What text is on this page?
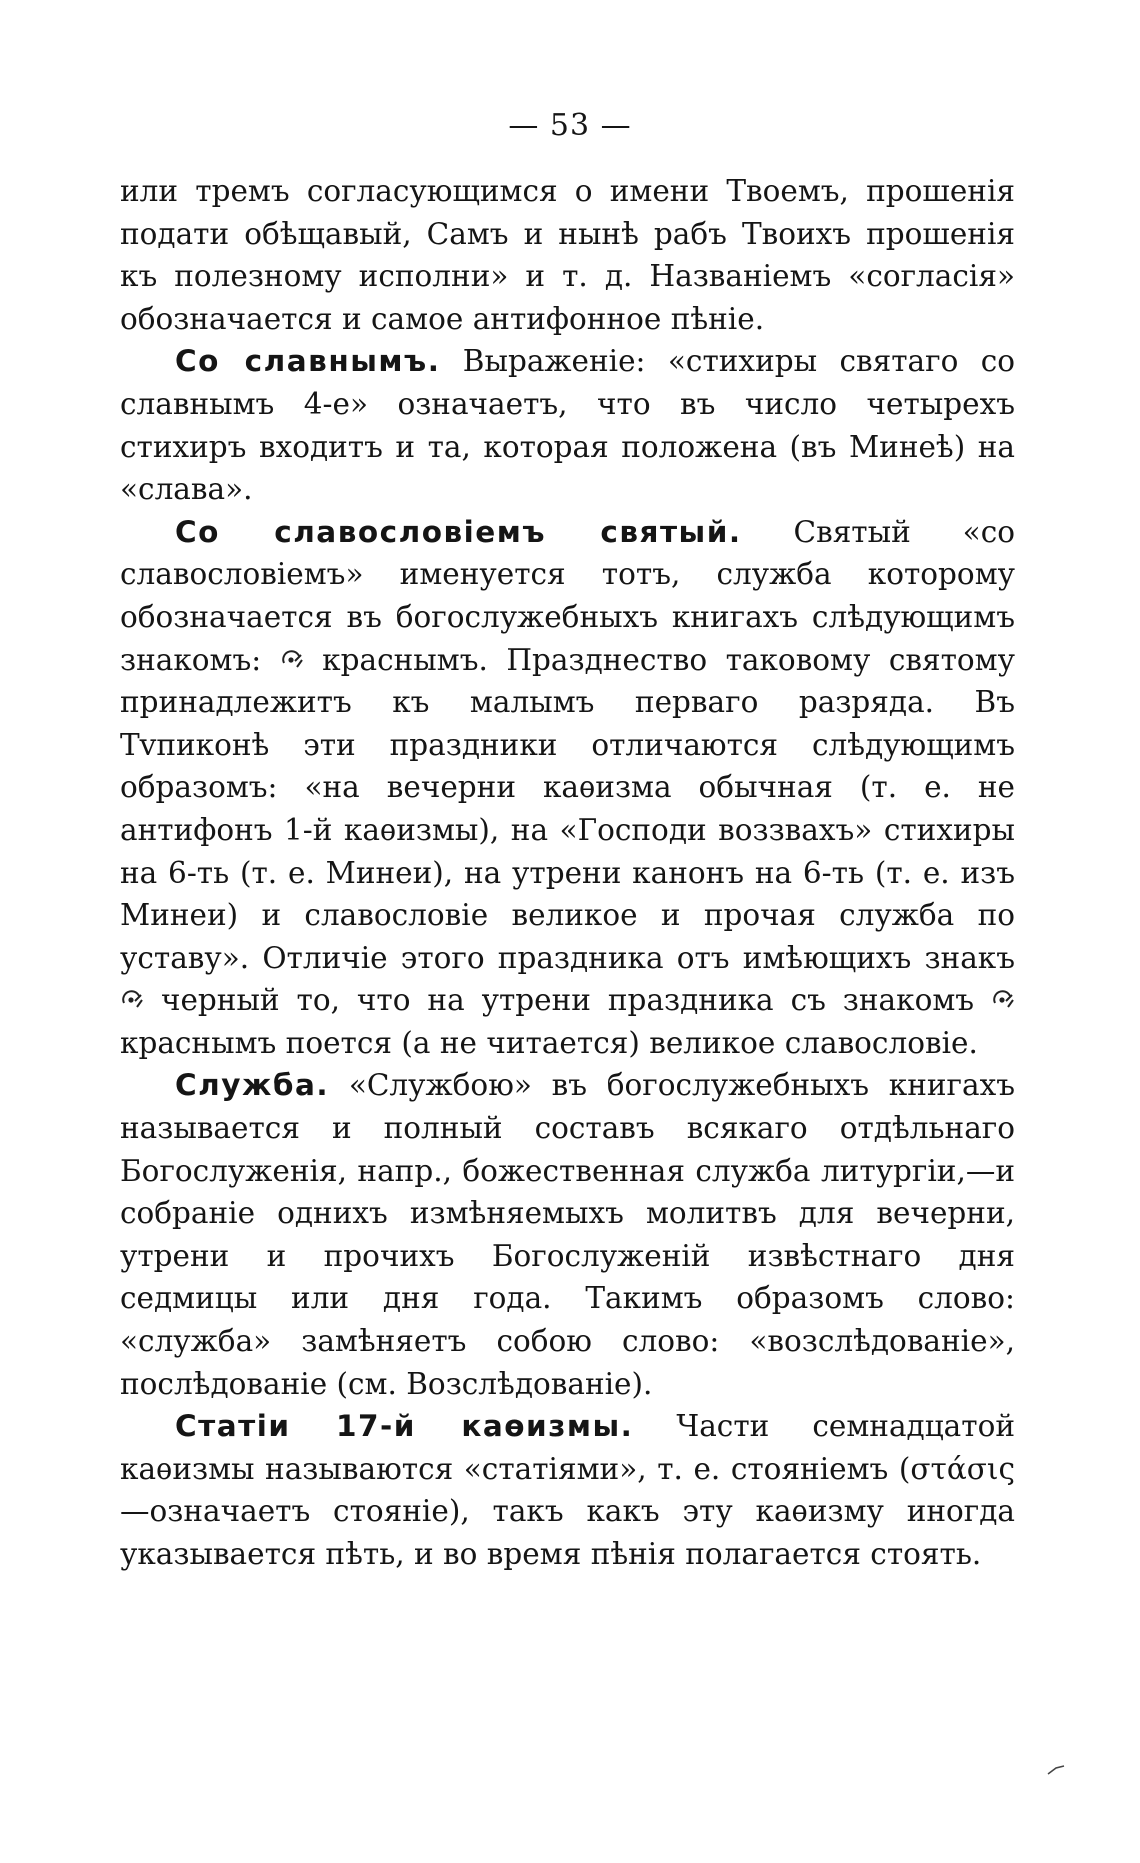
— 53 —

или тремъ согласующимся о имени Твоемъ, прошенія подати обѣщавый, Самъ и нынѣ рабъ Твоихъ прошенія къ полезному исполни» и т. д. Названіемъ «согласія» обозначается и самое антифонное пѣніе.

Со славнымъ. Выраженіе: «стихиры святаго со славнымъ 4-е» означаетъ, что въ число четырехъ стихиръ входитъ и та, которая положена (въ Минеѣ) на «слава».

Со славословіемъ святый. Святый «со славословіемъ» именуется тотъ, служба которому обозначается въ богослужебныхъ книгахъ слѣдующимъ знакомъ: краснымъ. Празднество таковому святому принадлежитъ къ малымъ перваго разряда. Въ Тvпиконѣ эти праздники отличаются слѣдующимъ образомъ: «на вечерни каѳизма обычная (т. е. не антифонъ 1-й каѳизмы), на «Господи воззвахъ» стихиры на 6-ть (т. е. Минеи), на утрени канонъ на 6-ть (т. е. изъ Минеи) и славословіе великое и прочая служба по уставу». Отличіе этого праздника отъ имѣющихъ знакъ
черный то, что на утрени праздника съ знакомъ
краснымъ поется (а не читается) великое славословіе.

Служба. «Службою» въ богослужебныхъ книгахъ называется и полный составъ всякаго отдѣльнаго Богослуженія, напр., божественная служба литургіи,—и собраніе однихъ измѣняемыхъ молитвъ для вечерни, утрени и прочихъ Богослуженій извѣстнаго дня седмицы или дня года. Такимъ образомъ слово: «служба» замѣняетъ собою слово: «возслѣдованіе», послѣдованіе (см. Возслѣдованіе).

Статіи 17-й каѳизмы. Части семнадцатой каѳизмы называются «статіями», т. е. стояніемъ (στάσις—означаетъ стояніе), такъ какъ эту каѳизму иногда указывается пѣть, и во время пѣнія полагается стоять.
